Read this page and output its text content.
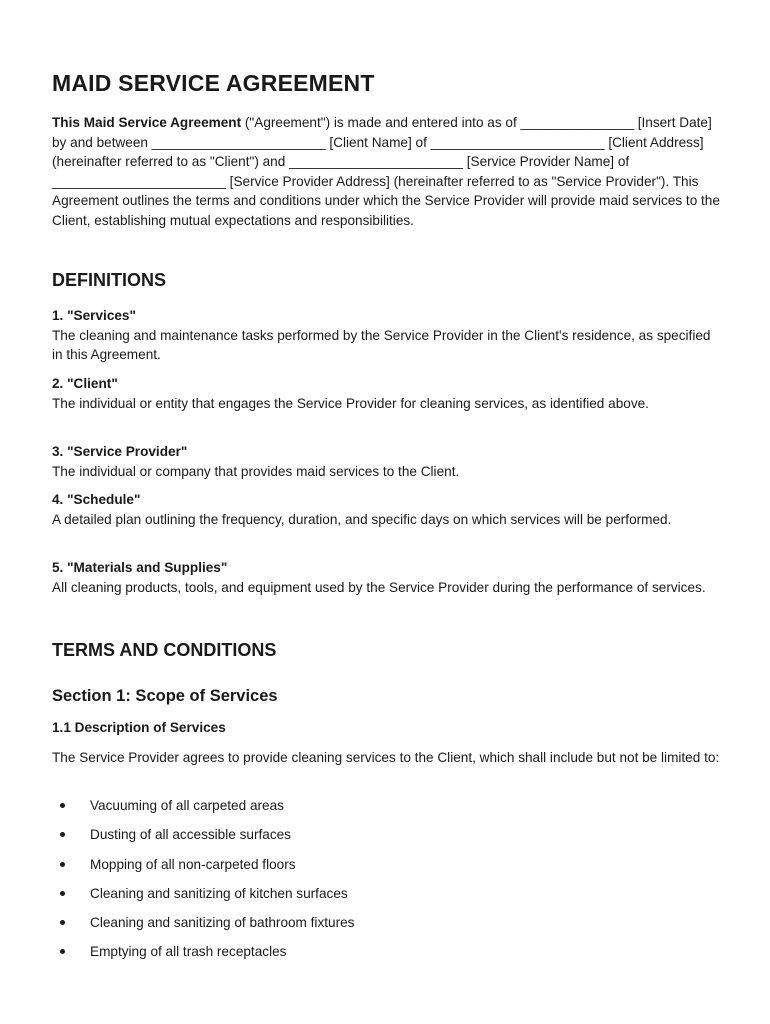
MAID SERVICE AGREEMENT

This Maid Service Agreement ("Agreement") is made and entered into as of _______________ [Insert Date] by and between _______________________ [Client Name] of _______________________ [Client Address] (hereinafter referred to as "Client") and _______________________ [Service Provider Name] of _______________________ [Service Provider Address] (hereinafter referred to as "Service Provider"). This Agreement outlines the terms and conditions under which the Service Provider will provide maid services to the Client, establishing mutual expectations and responsibilities.

DEFINITIONS

1. "Services"

The cleaning and maintenance tasks performed by the Service Provider in the Client's residence, as specified in this Agreement.

2. "Client"

The individual or entity that engages the Service Provider for cleaning services, as identified above.

3. "Service Provider"

The individual or company that provides maid services to the Client.

4. "Schedule"

A detailed plan outlining the frequency, duration, and specific days on which services will be performed.

5. "Materials and Supplies"

All cleaning products, tools, and equipment used by the Service Provider during the performance of services.

TERMS AND CONDITIONS
Section 1: Scope of Services
1.1 Description of Services

The Service Provider agrees to provide cleaning services to the Client, which shall include but not be limited to:

Vacuuming of all carpeted areas
Dusting of all accessible surfaces
Mopping of all non-carpeted floors
Cleaning and sanitizing of kitchen surfaces
Cleaning and sanitizing of bathroom fixtures
Emptying of all trash receptacles
